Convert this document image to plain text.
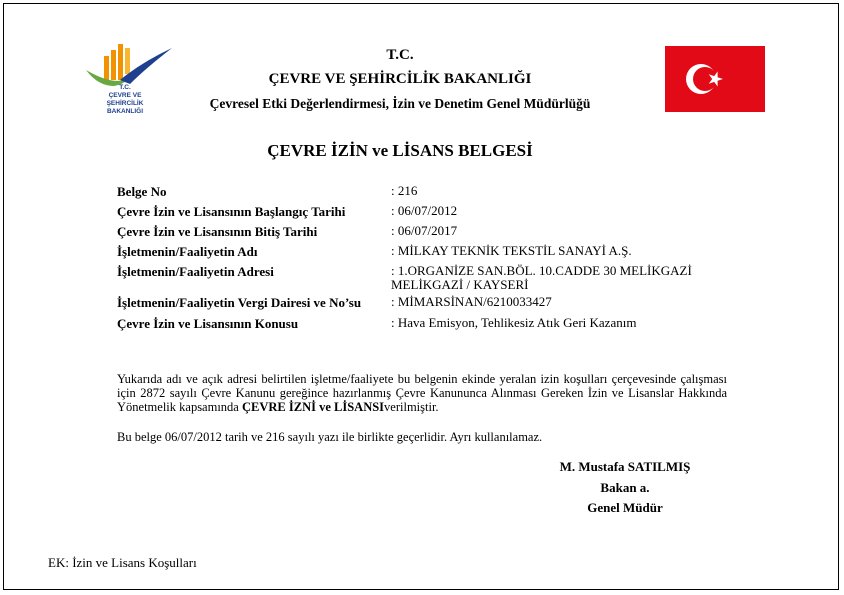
T.C.
ÇEVRE VE ŞEHİRCİLİK
BAKANLIĞI
T.C.
ÇEVRE VE ŞEHİRCİLİK BAKANLIĞI
Çevresel Etki Değerlendirmesi, İzin ve Denetim Genel Müdürlüğü
ÇEVRE İZİN ve LİSANS BELGESİ
Belge No	: 216
Çevre İzin ve Lisansının Başlangıç Tarihi	: 06/07/2012
Çevre İzin ve Lisansının Bitiş Tarihi	: 06/07/2017
İşletmenin/Faaliyetin Adı	: MİLKAY TEKNİK TEKSTİL SANAYİ A.Ş.
İşletmenin/Faaliyetin Adresi	: 1.ORGANİZE SAN.BÖL. 10.CADDE 30 MELİKGAZİ MELİKGAZİ / KAYSERİ
İşletmenin/Faaliyetin Vergi Dairesi ve No’su : MİMARSİNAN/6210033427
Çevre İzin ve Lisansının Konusu	: Hava Emisyon, Tehlikesiz Atık Geri Kazanım
Yukarıda adı ve açık adresi belirtilen işletme/faaliyete bu belgenin ekinde yeralan izin koşulları çerçevesinde çalışması için 2872 sayılı Çevre Kanunu gereğince hazırlanmış Çevre Kanununca Alınması Gereken İzin ve Lisanslar Hakkında Yönetmelik kapsamında ÇEVRE İZNİ ve LİSANSIverilmiştir.
Bu belge 06/07/2012 tarih ve 216 sayılı yazı ile birlikte geçerlidir. Ayrı kullanılamaz.
M. Mustafa SATILMIŞ
Bakan a.
Genel Müdür
EK: İzin ve Lisans Koşulları
